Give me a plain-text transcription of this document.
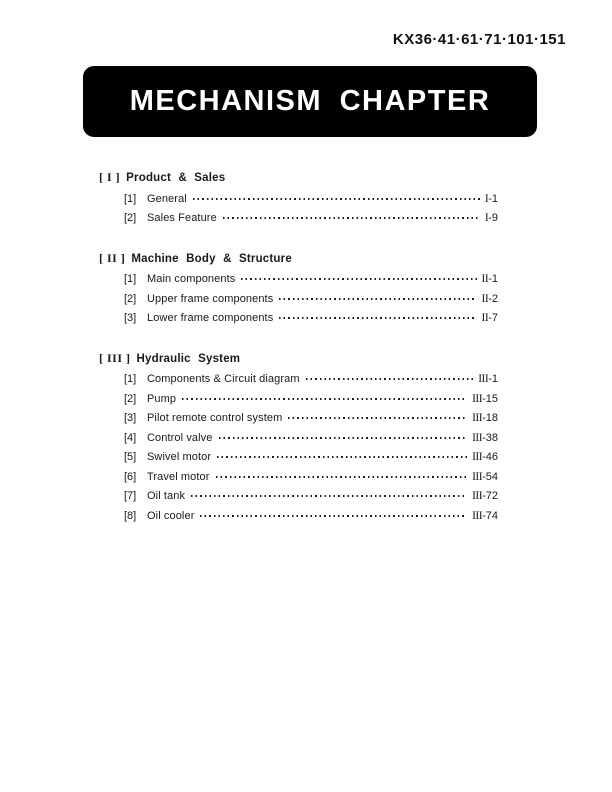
KX36·41·61·71·101·151
MECHANISM CHAPTER
[ I ] Product & Sales
[1] General	I-1
[2] Sales Feature	I-9
[ II ] Machine Body & Structure
[1] Main components	II-1
[2] Upper frame components	II-2
[3] Lower frame components	II-7
[ III ] Hydraulic System
[1] Components & Circuit diagram	III-1
[2] Pump	III-15
[3] Pilot remote control system	III-18
[4] Control valve	III-38
[5] Swivel motor	III-46
[6] Travel motor	III-54
[7] Oil tank	III-72
[8] Oil cooler	III-74
